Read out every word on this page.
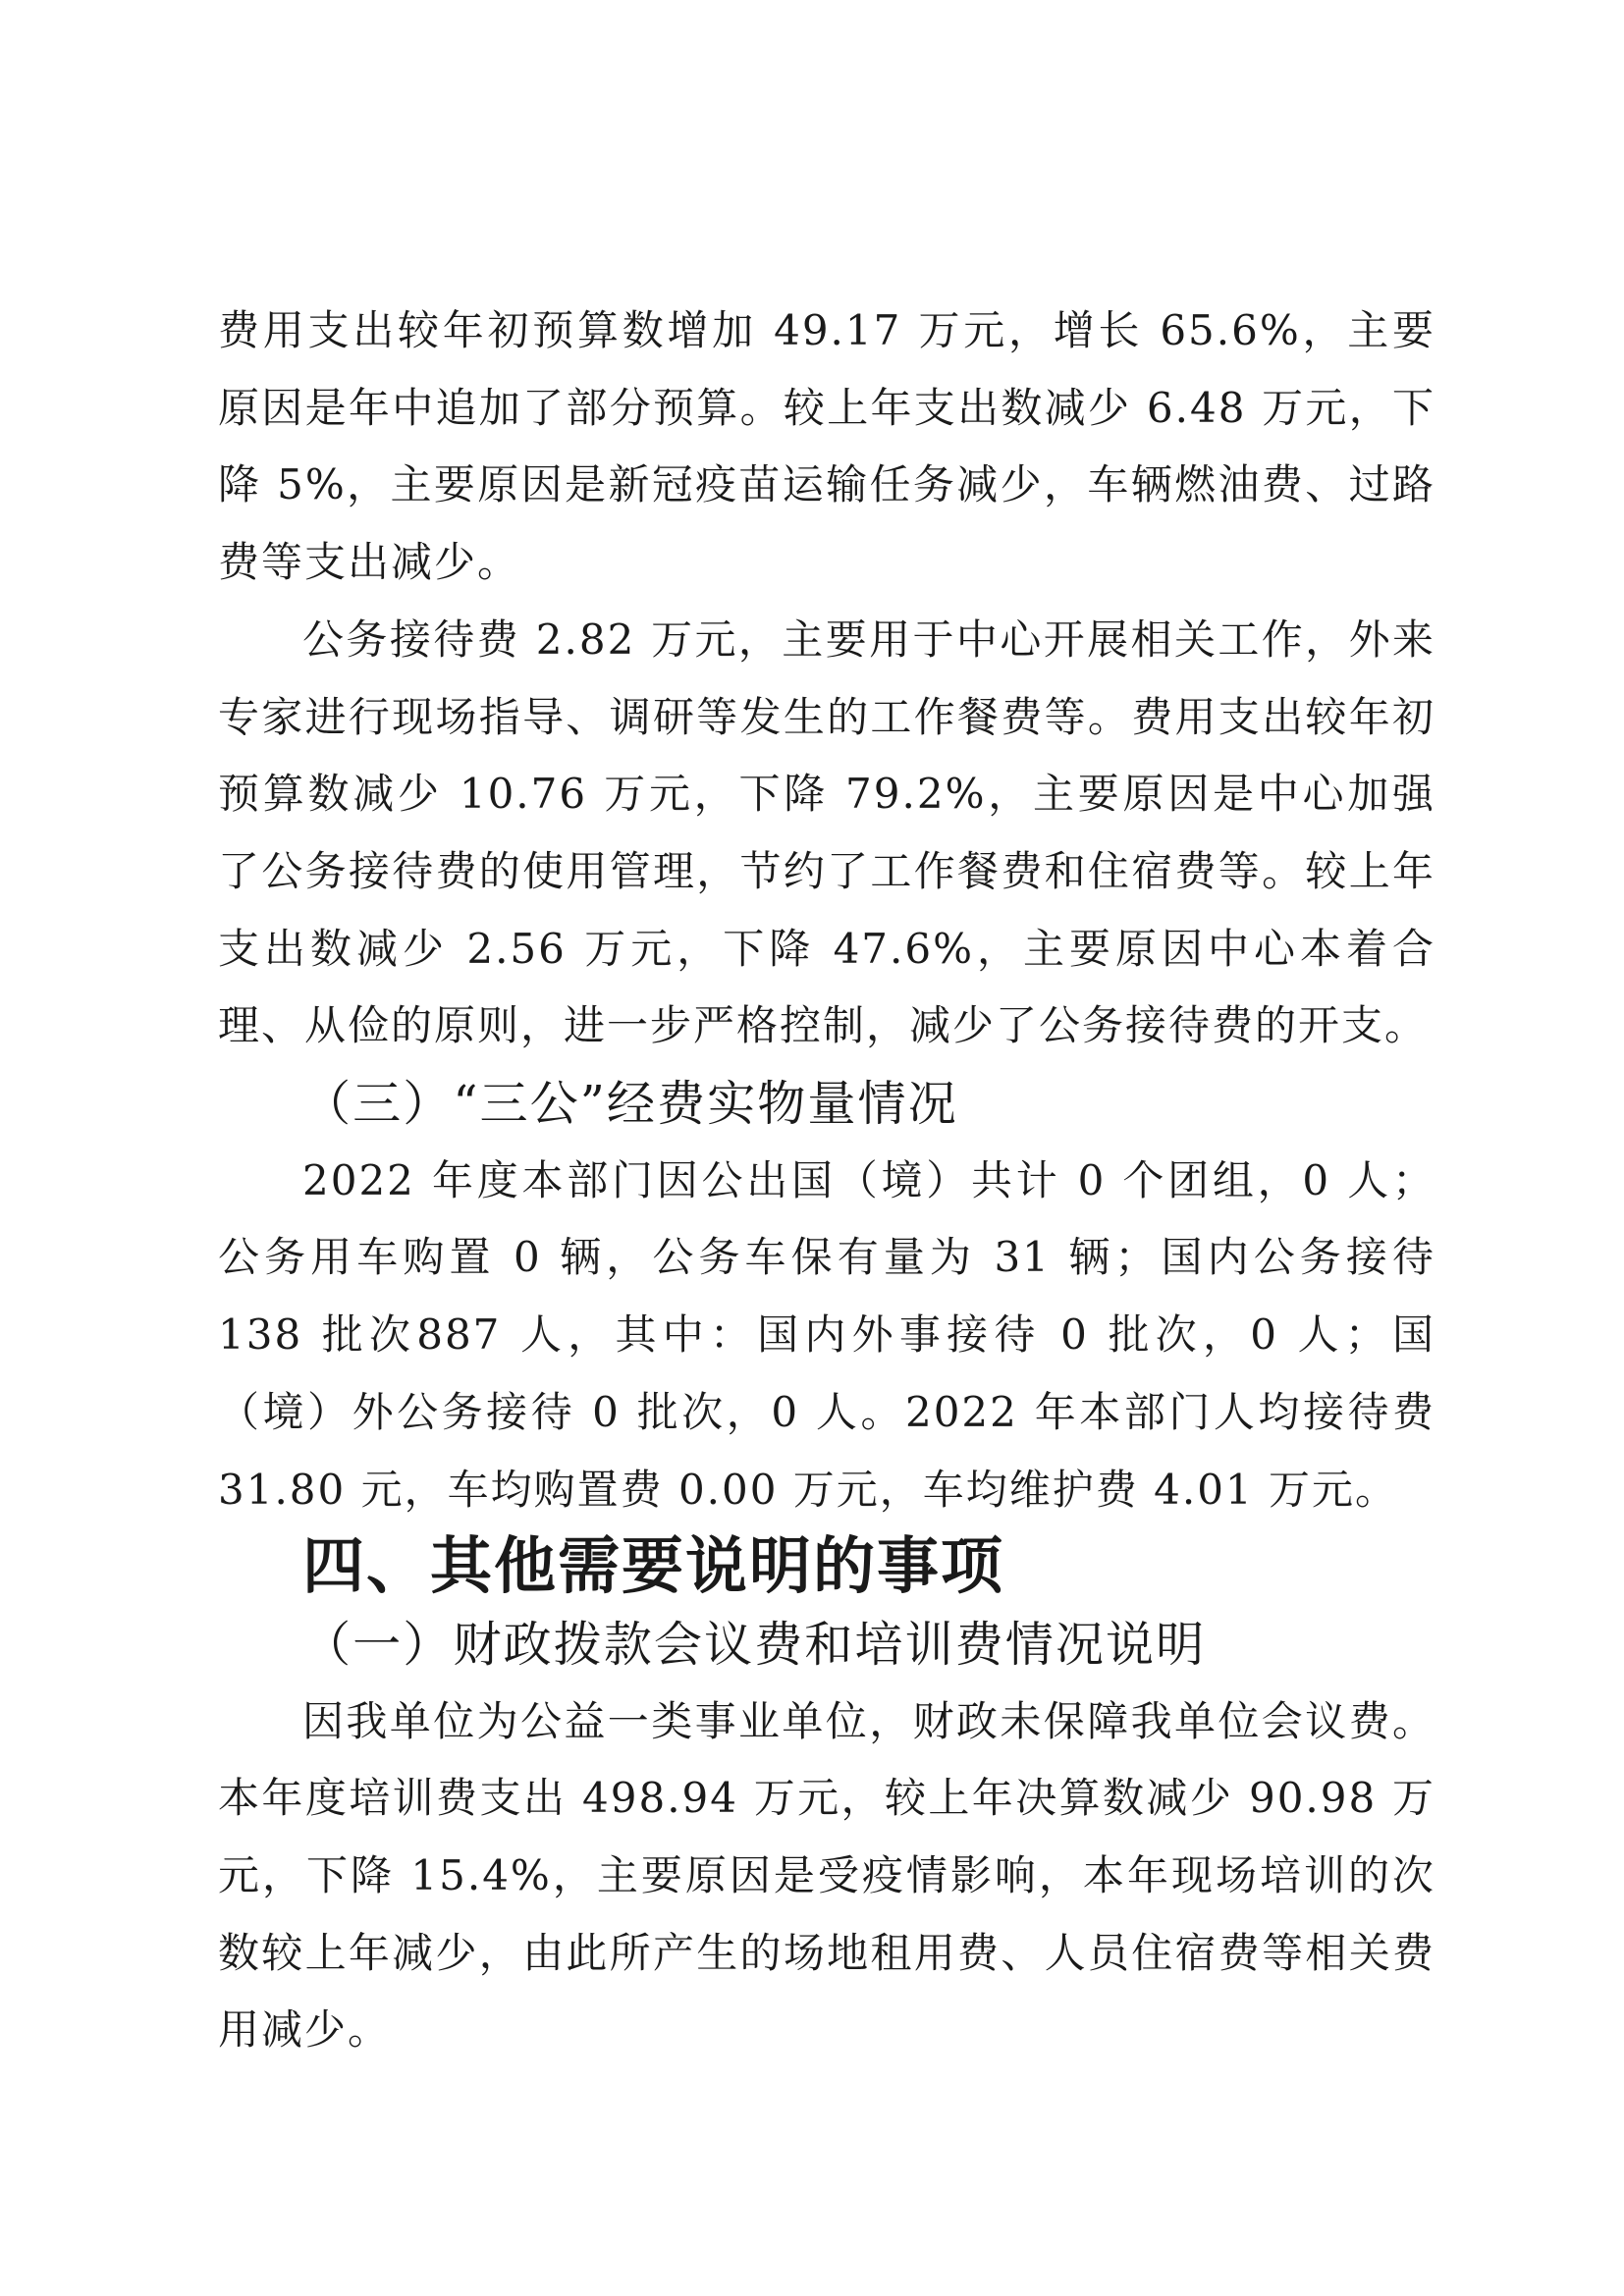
费用支出较年初预算数增加 49.17 万元，增长 65.6%，主要原因是年中追加了部分预算。较上年支出数减少 6.48 万元，下降 5%，主要原因是新冠疫苗运输任务减少，车辆燃油费、过路费等支出减少。

公务接待费 2.82 万元，主要用于中心开展相关工作，外来专家进行现场指导、调研等发生的工作餐费等。费用支出较年初预算数减少 10.76 万元，下降 79.2%，主要原因是中心加强了公务接待费的使用管理，节约了工作餐费和住宿费等。较上年支出数减少 2.56 万元，下降 47.6%，主要原因中心本着合理、从俭的原则，进一步严格控制，减少了公务接待费的开支。

（三）“三公”经费实物量情况

2022 年度本部门因公出国（境）共计 0 个团组，0 人；公务用车购置 0 辆，公务车保有量为 31 辆；国内公务接待 138 批次887 人，其中：国内外事接待 0 批次，0 人；国（境）外公务接待 0 批次，0 人。2022 年本部门人均接待费 31.80 元，车均购置费 0.00 万元，车均维护费 4.01 万元。

四、其他需要说明的事项
（一）财政拨款会议费和培训费情况说明

因我单位为公益一类事业单位，财政未保障我单位会议费。本年度培训费支出 498.94 万元，较上年决算数减少 90.98 万元，下降 15.4%，主要原因是受疫情影响，本年现场培训的次数较上年减少，由此所产生的场地租用费、人员住宿费等相关费用减少。
